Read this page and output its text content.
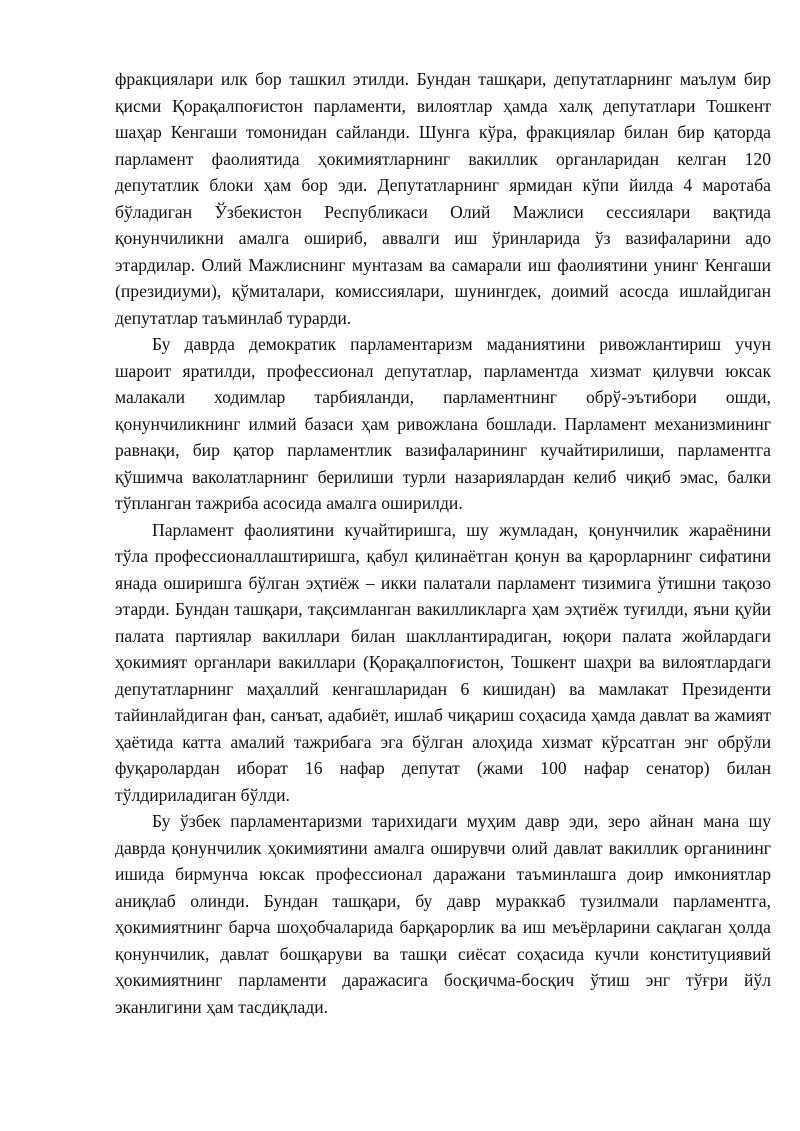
фракциялари илк бор ташкил этилди. Бундан ташқари, депутатларнинг маълум бир қисми Қорақалпоғистон парламенти, вилоятлар ҳамда халқ депутатлари Тошкент шаҳар Кенгаши томонидан сайланди. Шунга кўра, фракциялар билан бир қаторда парламент фаолиятида ҳокимиятларнинг вакиллик органларидан келган 120 депутатлик блоки ҳам бор эди. Депутатларнинг ярмидан кўпи йилда 4 маротаба бўладиган Ўзбекистон Республикаси Олий Мажлиси сессиялари вақтида қонунчиликни амалга ошириб, аввалги иш ўринларида ўз вазифаларини адо этардилар. Олий Мажлиснинг мунтазам ва самарали иш фаолиятини унинг Кенгаши (президиуми), қўмиталари, комиссиялари, шунингдек, доимий асосда ишлайдиган депутатлар таъминлаб турарди.

Бу даврда демократик парламентаризм маданиятини ривожлантириш учун шароит яратилди, профессионал депутатлар, парламентда хизмат қилувчи юксак малакали ходимлар тарбияланди, парламентнинг обрў-эътибори ошди, қонунчиликнинг илмий базаси ҳам ривожлана бошлади. Парламент механизмининг равнақи, бир қатор парламентлик вазифаларининг кучайтирилиши, парламентга қўшимча ваколатларнинг берилиши турли назариялардан келиб чиқиб эмас, балки тўпланган тажриба асосида амалга оширилди.

Парламент фаолиятини кучайтиришга, шу жумладан, қонунчилик жараёнини тўла профессионаллаштиришга, қабул қилинаётган қонун ва қарорларнинг сифатини янада оширишга бўлган эҳтиёж – икки палатали парламент тизимига ўтишни тақозо этарди. Бундан ташқари, тақсимланган вакилликларга ҳам эҳтиёж туғилди, яъни қуйи палата партиялар вакиллари билан шакллантирадиган, юқори палата жойлардаги ҳокимият органлари вакиллари (Қорақалпоғистон, Тошкент шаҳри ва вилоятлардаги депутатларнинг маҳаллий кенгашларидан 6 кишидан) ва мамлакат Президенти тайинлайдиган фан, санъат, адабиёт, ишлаб чиқариш соҳасида ҳамда давлат ва жамият ҳаётида катта амалий тажрибага эга бўлган алоҳида хизмат кўрсатган энг обрўли фуқаролардан иборат 16 нафар депутат (жами 100 нафар сенатор) билан тўлдириладиган бўлди.

Бу ўзбек парламентаризми тарихидаги муҳим давр эди, зеро айнан мана шу даврда қонунчилик ҳокимиятини амалга оширувчи олий давлат вакиллик органининг ишида бирмунча юксак профессионал даражани таъминлашга доир имкониятлар аниқлаб олинди. Бундан ташқари, бу давр мураккаб тузилмали парламентга, ҳокимиятнинг барча шоҳобчаларида барқарорлик ва иш меъёрларини сақлаган ҳолда қонунчилик, давлат бошқаруви ва ташқи сиёсат соҳасида кучли конституциявий ҳокимиятнинг парламенти даражасига босқичма-босқич ўтиш энг тўғри йўл эканлигини ҳам тасдиқлади.
